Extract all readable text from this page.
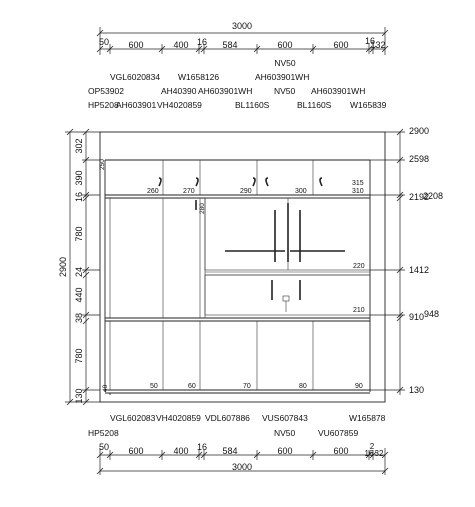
3000
50 600	400 16 584	600	600 16
132
NV50
VGL6020834 W1658126	AH603901WH
OP53902	AH40390 AH603901WH	NV50 AH603901WH
HP5208
AH603901 VH4020859	BL1160S	BL1160S W165839
250
260	270
280
290	300
315
310
220
210
40	50	60	70	80	90
2900
302
390
16
780
24
440
38
780
130
2900
2598
2192
2208
1412
910 948
130
VGL602083 VH4020859 VDL607886 VUS607843	W165878
HP5208	NV50	VU607859
50 600	400 16 584	600	600	2
16 32
3000
